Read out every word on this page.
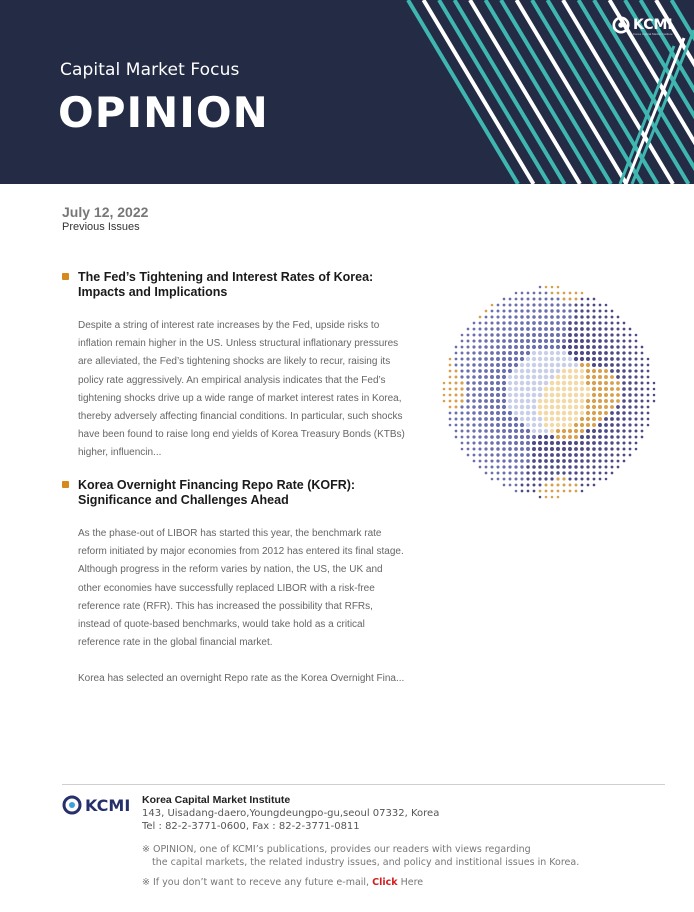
Capital Market Focus
OPINION
KCMI
Korea Capital Market Institute
July 12, 2022
Previous Issues
The Fed’s Tightening and Interest Rates of Korea: Impacts and Implications

Despite a string of interest rate increases by the Fed, upside risks to inflation remain higher in the US. Unless structural inflationary pressures are alleviated, the Fed’s tightening shocks are likely to recur, raising its policy rate aggressively. An empirical analysis indicates that the Fed’s tightening shocks drive up a wide range of market interest rates in Korea, thereby adversely affecting financial conditions. In particular, such shocks have been found to raise long end yields of Korea Treasury Bonds (KTBs) higher, influencin...

Korea Overnight Financing Repo Rate (KOFR): Significance and Challenges Ahead

As the phase-out of LIBOR has started this year, the benchmark rate reform initiated by major economies from 2012 has entered its final stage. Although progress in the reform varies by nation, the US, the UK and other economies have successfully replaced LIBOR with a risk-free reference rate (RFR). This has increased the possibility that RFRs, instead of quote-based benchmarks, would take hold as a critical reference rate in the global financial market.

Korea has selected an overnight Repo rate as the Korea Overnight Fina...

KCMI Korea Capital Market Institute
143, Uisadang-daero,Youngdeungpo-gu,seoul 07332, Korea
Tel : 82-2-3771-0600, Fax : 82-2-3771-0811
※ OPINION, one of KCMI’s publications, provides our readers with views regarding
the capital markets, the related industry issues, and policy and institional issues in Korea.
※ If you don’t want to receve any future e-mail, Click Here
